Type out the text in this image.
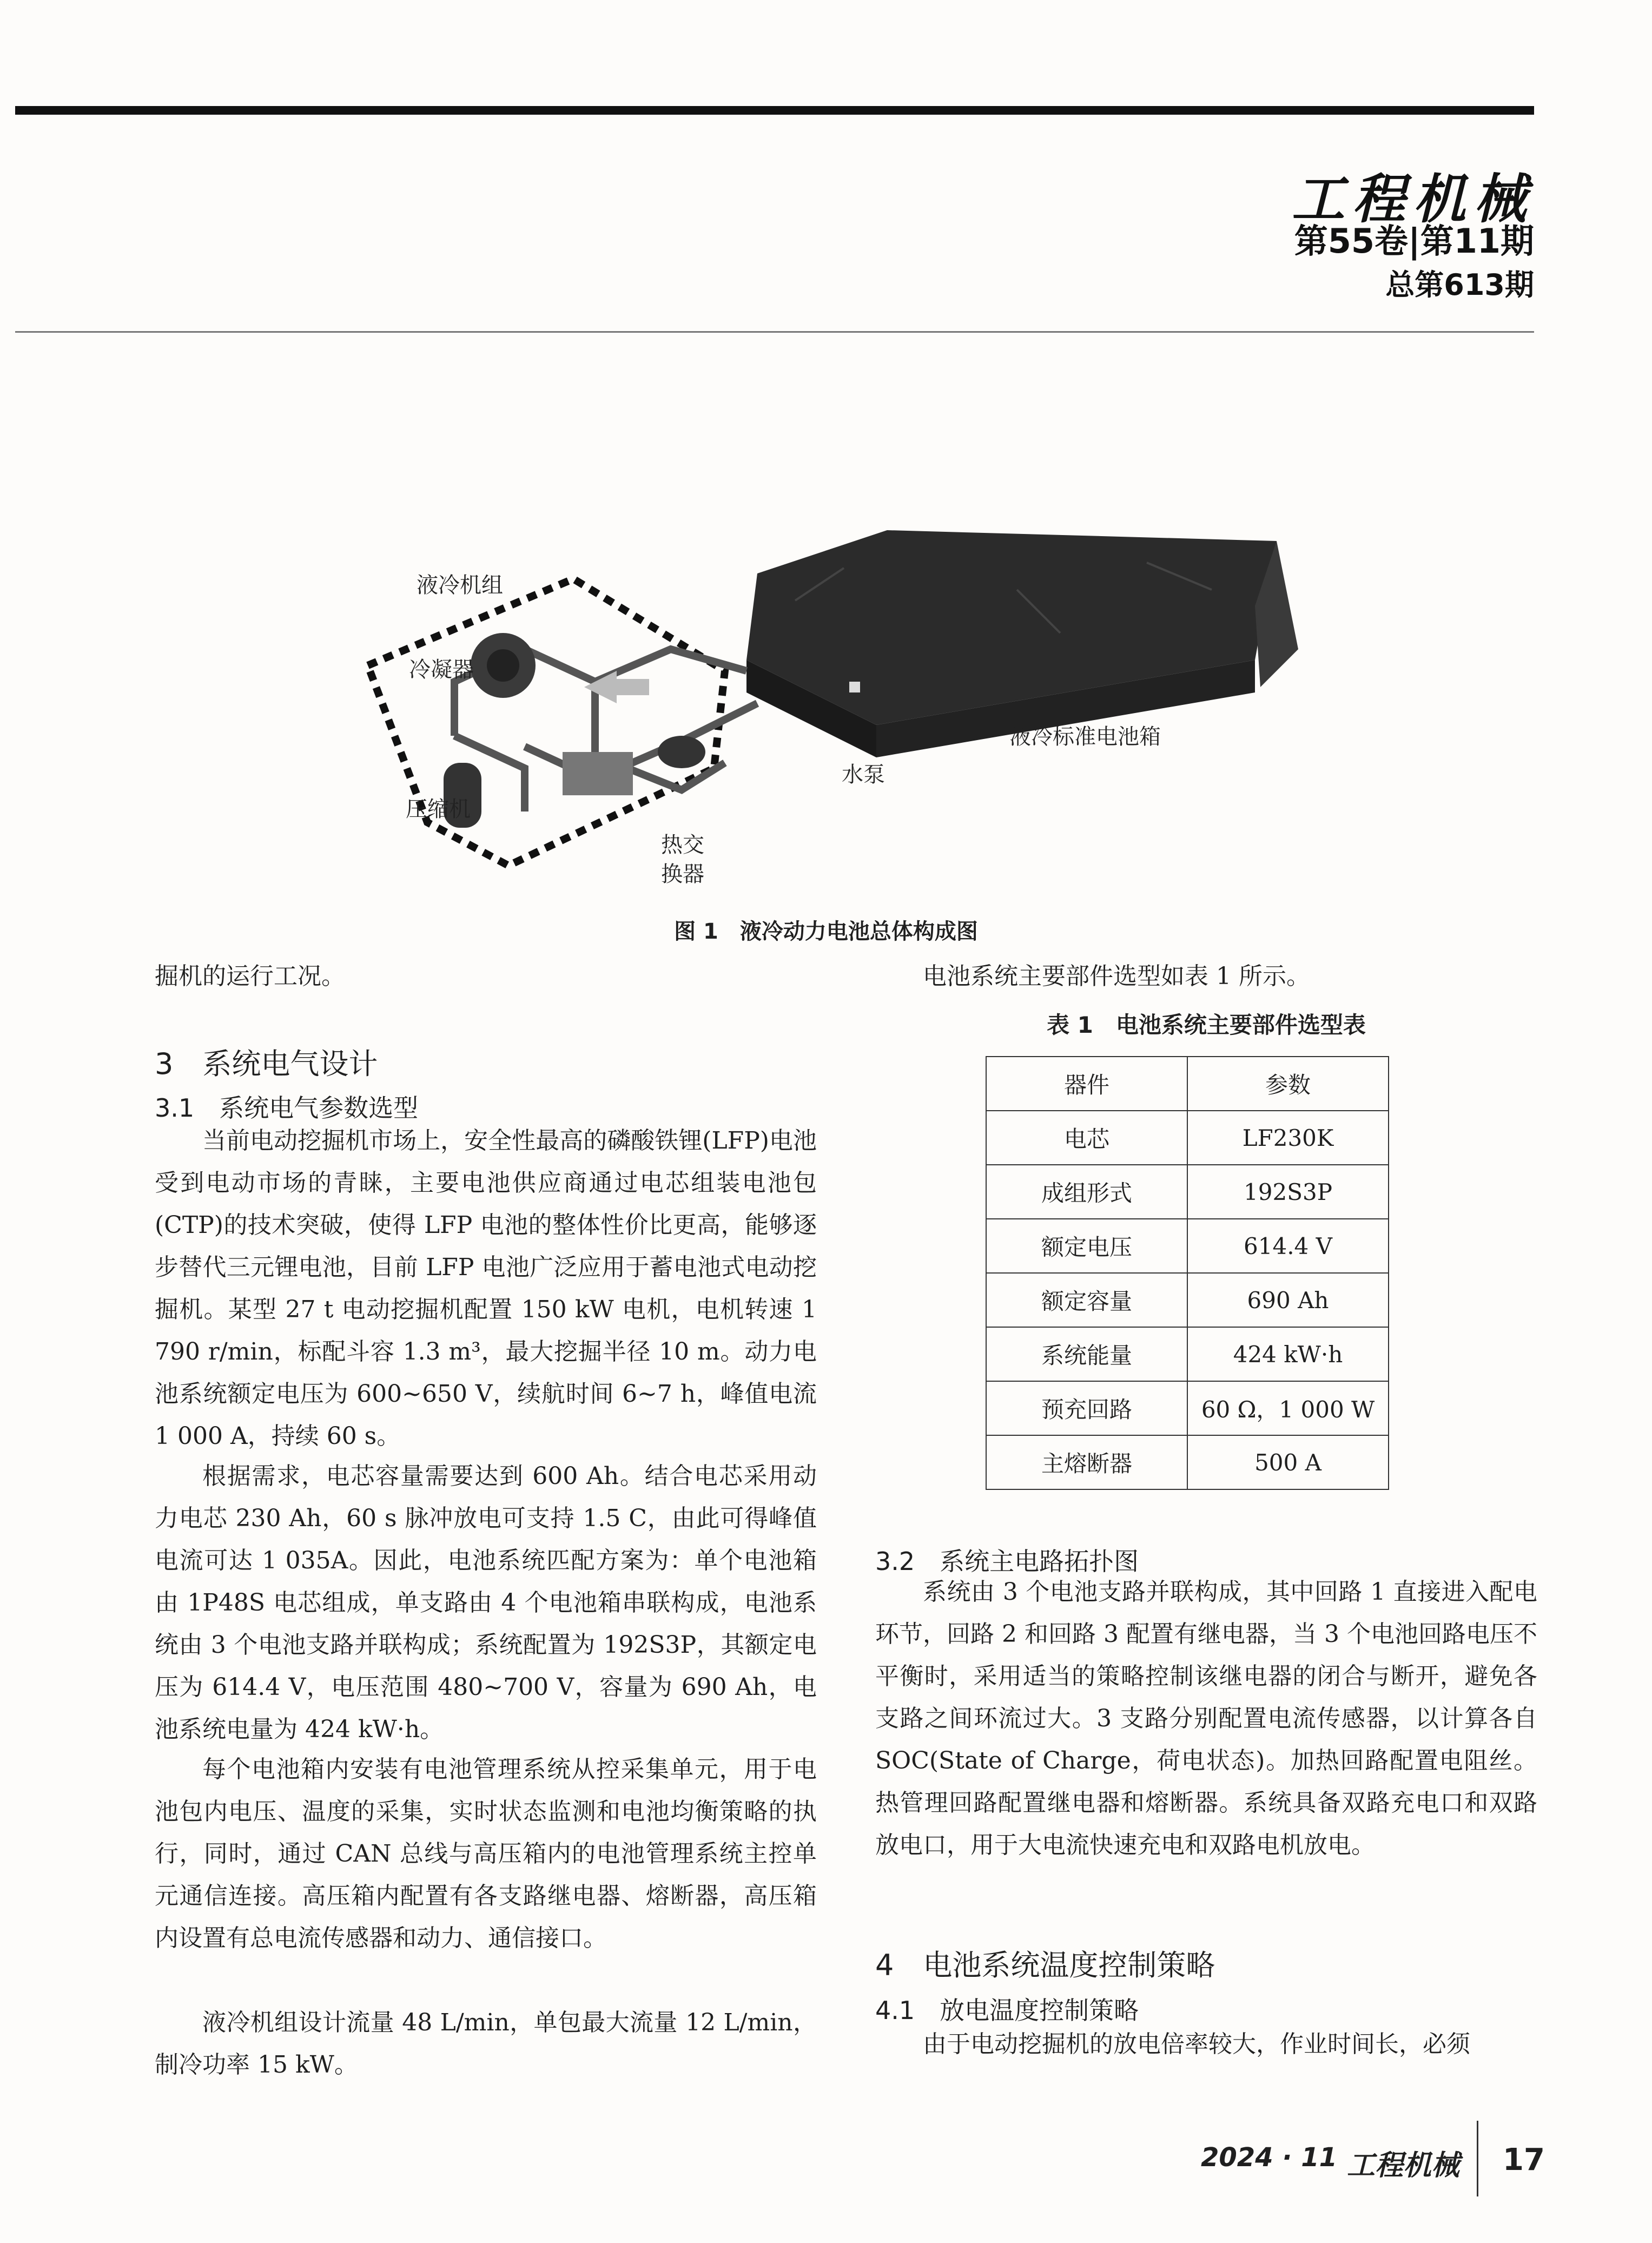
工程机械
第55卷|第11期
总第613期
液冷机组
冷凝器
压缩机
热交
换器
水泵
液冷标准电池箱
图 1　液冷动力电池总体构成图
掘机的运行工况。
3　系统电气设计
3.1　系统电气参数选型
当前电动挖掘机市场上，安全性最高的磷酸铁锂(LFP)电池受到电动市场的青睐，主要电池供应商通过电芯组装电池包(CTP)的技术突破，使得 LFP 电池的整体性价比更高，能够逐步替代三元锂电池，目前 LFP 电池广泛应用于蓄电池式电动挖掘机。某型 27 t 电动挖掘机配置 150 kW 电机，电机转速 1 790 r/min，标配斗容 1.3 m³，最大挖掘半径 10 m。动力电池系统额定电压为 600~650 V，续航时间 6~7 h，峰值电流 1 000 A，持续 60 s。
根据需求，电芯容量需要达到 600 Ah。结合电芯采用动力电芯 230 Ah，60 s 脉冲放电可支持 1.5 C，由此可得峰值电流可达 1 035A。因此，电池系统匹配方案为：单个电池箱由 1P48S 电芯组成，单支路由 4 个电池箱串联构成，电池系统由 3 个电池支路并联构成；系统配置为 192S3P，其额定电压为 614.4 V，电压范围 480~700 V，容量为 690 Ah，电池系统电量为 424 kW·h。
每个电池箱内安装有电池管理系统从控采集单元，用于电池包内电压、温度的采集，实时状态监测和电池均衡策略的执行，同时，通过 CAN 总线与高压箱内的电池管理系统主控单元通信连接。高压箱内配置有各支路继电器、熔断器，高压箱内设置有总电流传感器和动力、通信接口。
液冷机组设计流量 48 L/min，单包最大流量 12 L/min，制冷功率 15 kW。
电池系统主要部件选型如表 1 所示。
表 1　电池系统主要部件选型表
器件	参数
电芯	LF230K
成组形式	192S3P
额定电压	614.4 V
额定容量	690 Ah
系统能量	424 kW·h
预充回路	60 Ω，1 000 W
主熔断器	500 A
3.2　系统主电路拓扑图
系统由 3 个电池支路并联构成，其中回路 1 直接进入配电环节，回路 2 和回路 3 配置有继电器，当 3 个电池回路电压不平衡时，采用适当的策略控制该继电器的闭合与断开，避免各支路之间环流过大。3 支路分别配置电流传感器，以计算各自 SOC(State of Charge，荷电状态)。加热回路配置电阻丝。热管理回路配置继电器和熔断器。系统具备双路充电口和双路放电口，用于大电流快速充电和双路电机放电。
4　电池系统温度控制策略
4.1　放电温度控制策略
由于电动挖掘机的放电倍率较大，作业时间长，必须
2024 · 11 工程机械 17
